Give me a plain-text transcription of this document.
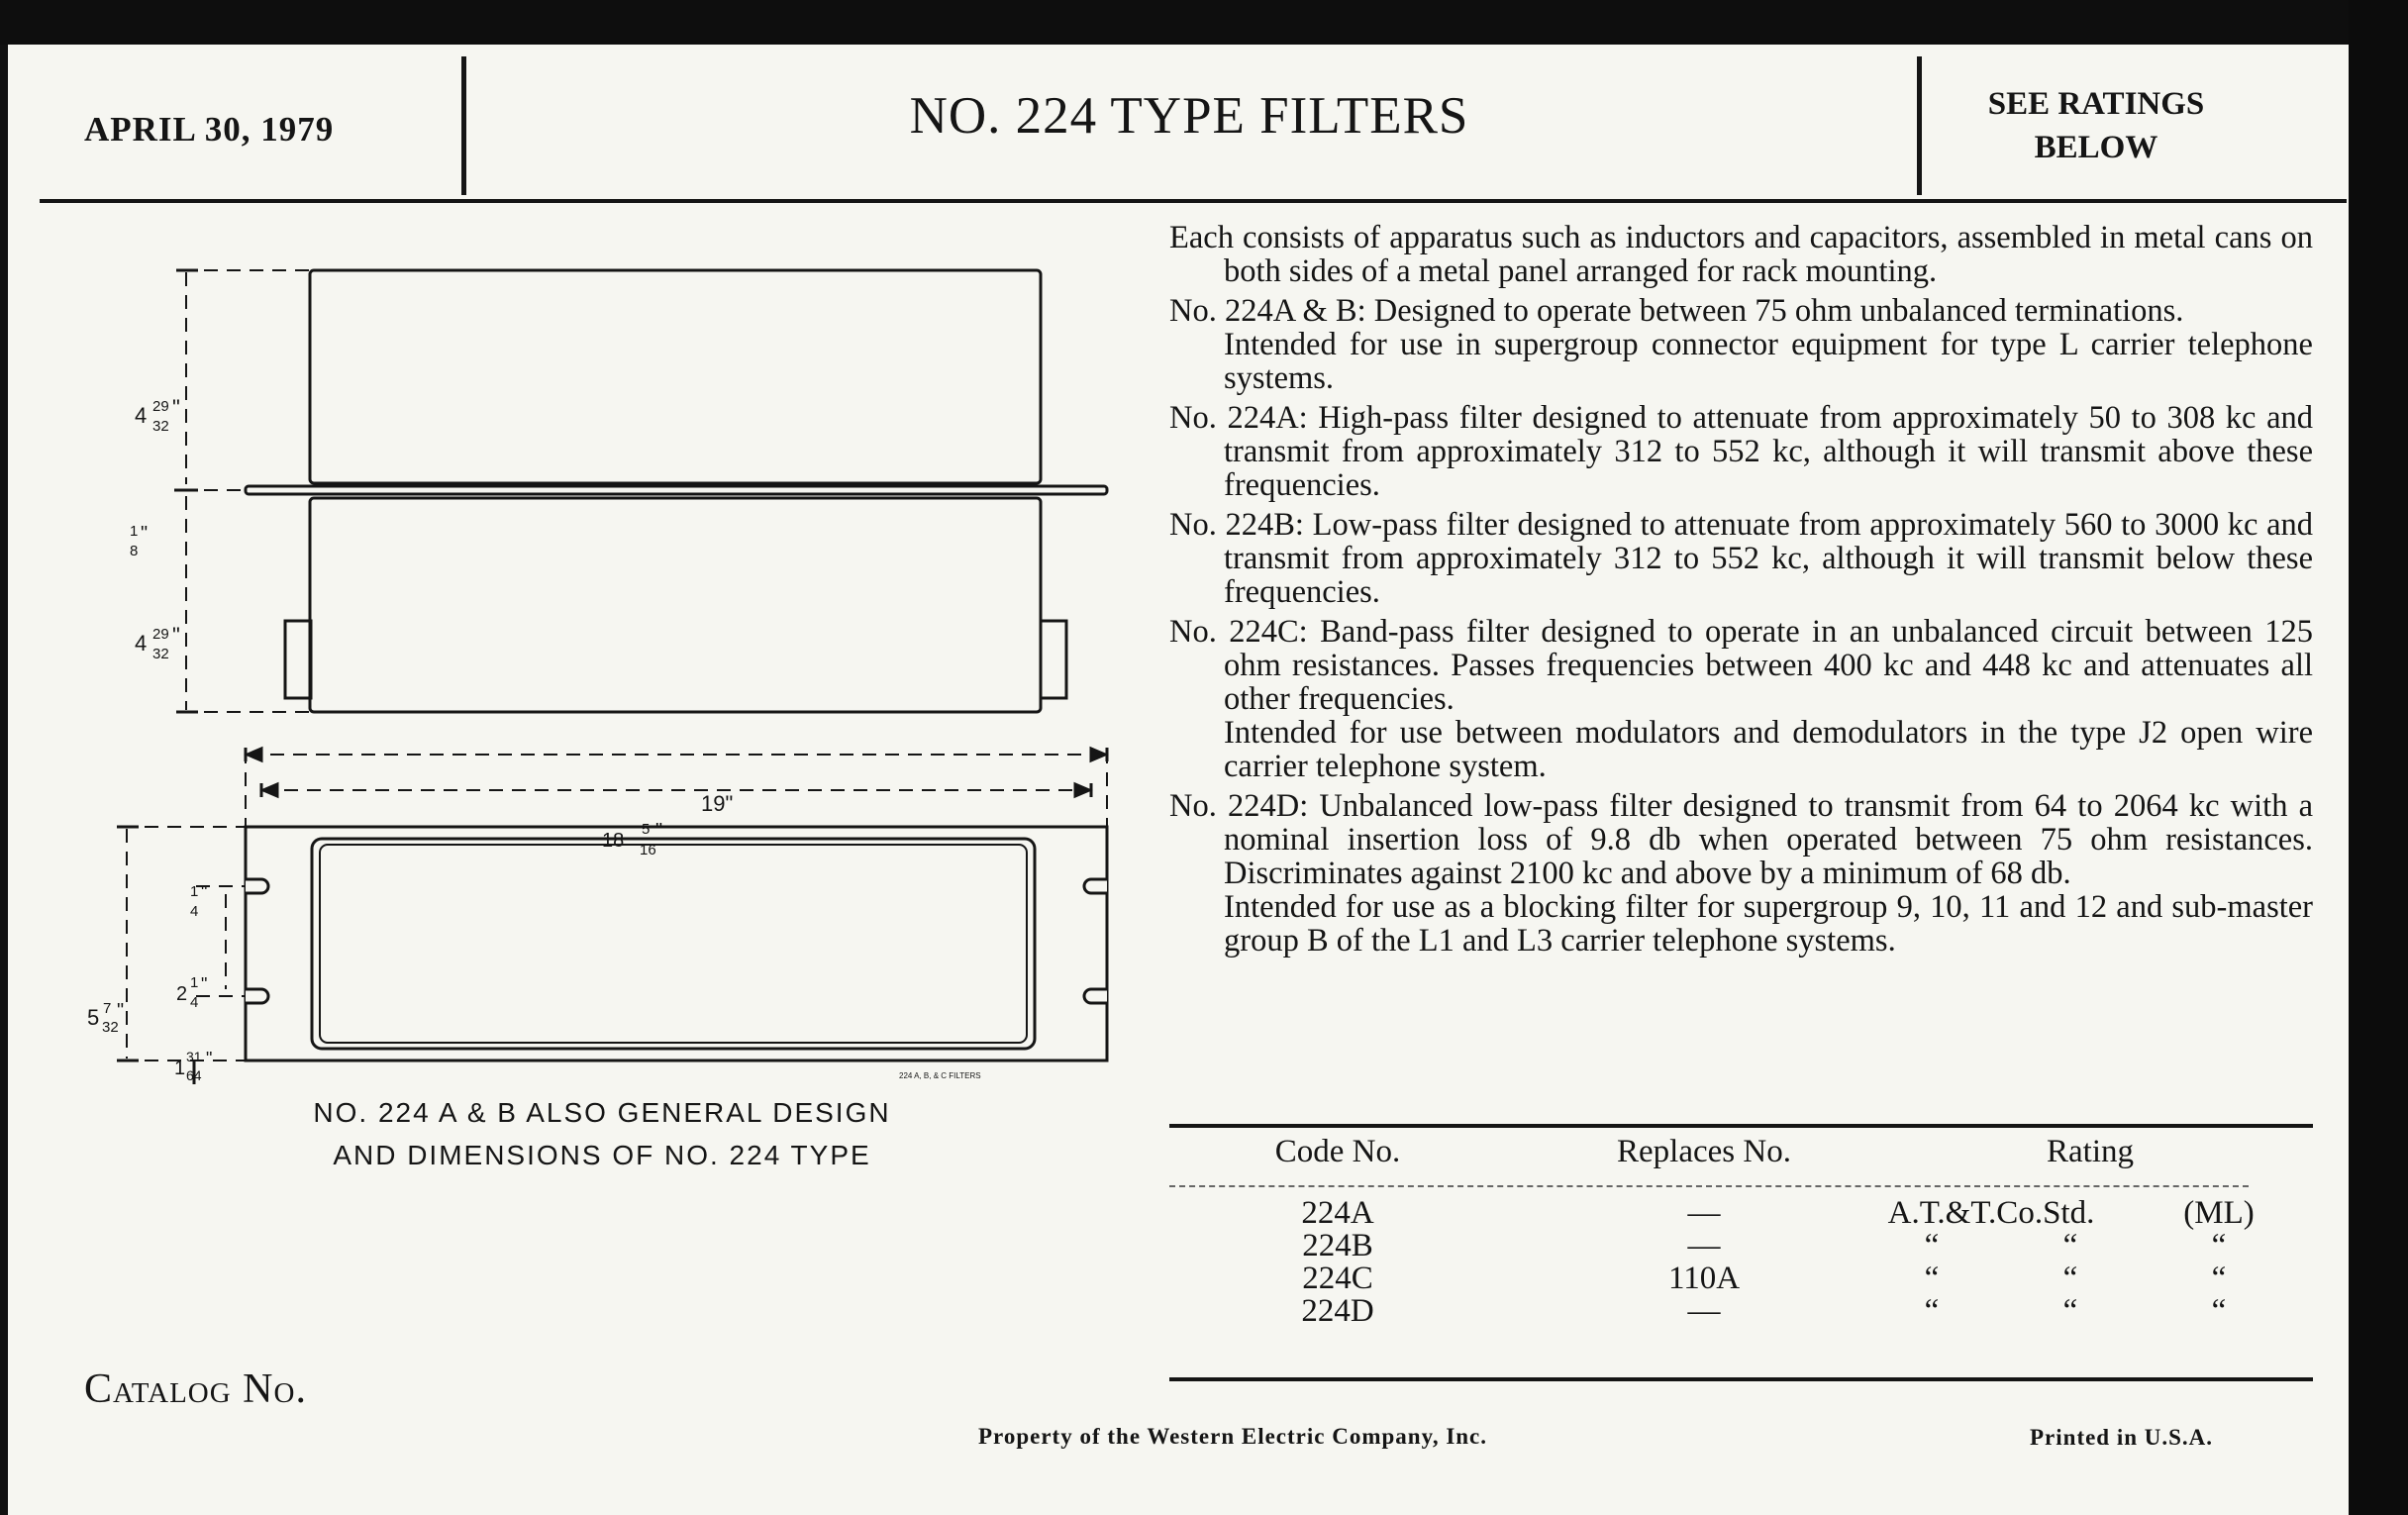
APRIL 30, 1979	NO. 224 TYPE FILTERS	SEE RATINGS
BELOW

Each consists of apparatus such as inductors and capacitors, assembled in metal cans on both sides of a metal panel arranged for rack mounting.

No. 224A & B: Designed to operate between 75 ohm unbalanced terminations.
Intended for use in supergroup connector equipment for type L carrier telephone systems.

No. 224A: High-pass filter designed to attenuate from approximately 50 to 308 kc and transmit from approximately 312 to 552 kc, although it will transmit above these frequencies.

No. 224B: Low-pass filter designed to attenuate from approximately 560 to 3000 kc and transmit from approximately 312 to 552 kc, although it will transmit below these frequencies.

No. 224C: Band-pass filter designed to operate in an unbalanced circuit between 125 ohm resistances. Passes frequencies between 400 kc and 448 kc and attenuates all other frequencies.
Intended for use between modulators and demodulators in the type J2 open wire carrier telephone system.

No. 224D: Unbalanced low-pass filter designed to transmit from 64 to 2064 kc with a nominal insertion loss of 9.8 db when operated between 75 ohm resistances. Discriminates against 2100 kc and above by a minimum of 68 db.
Intended for use as a blocking filter for supergroup 9, 10, 11 and 12 and sub-master group B of the L1 and L3 carrier telephone systems.

Code No.	Replaces No.	Rating
224A	—	A.T.&T.Co.Std.	(ML)
224B	—	“	“	“
224C	110A	“	“	“
224D	—	“	“	“
4 29
32
"
4 29
32
"
1
8
"
19"
18
5
16
"
1
4
"
2
1
4
"
5 7
32
"
1
31
64
"
224 A, B, & C FILTERS
NO. 224 A & B ALSO GENERAL DESIGN
AND DIMENSIONS OF NO. 224 TYPE
Catalog No.
Property of the Western Electric Company, Inc.	Printed in U.S.A.
